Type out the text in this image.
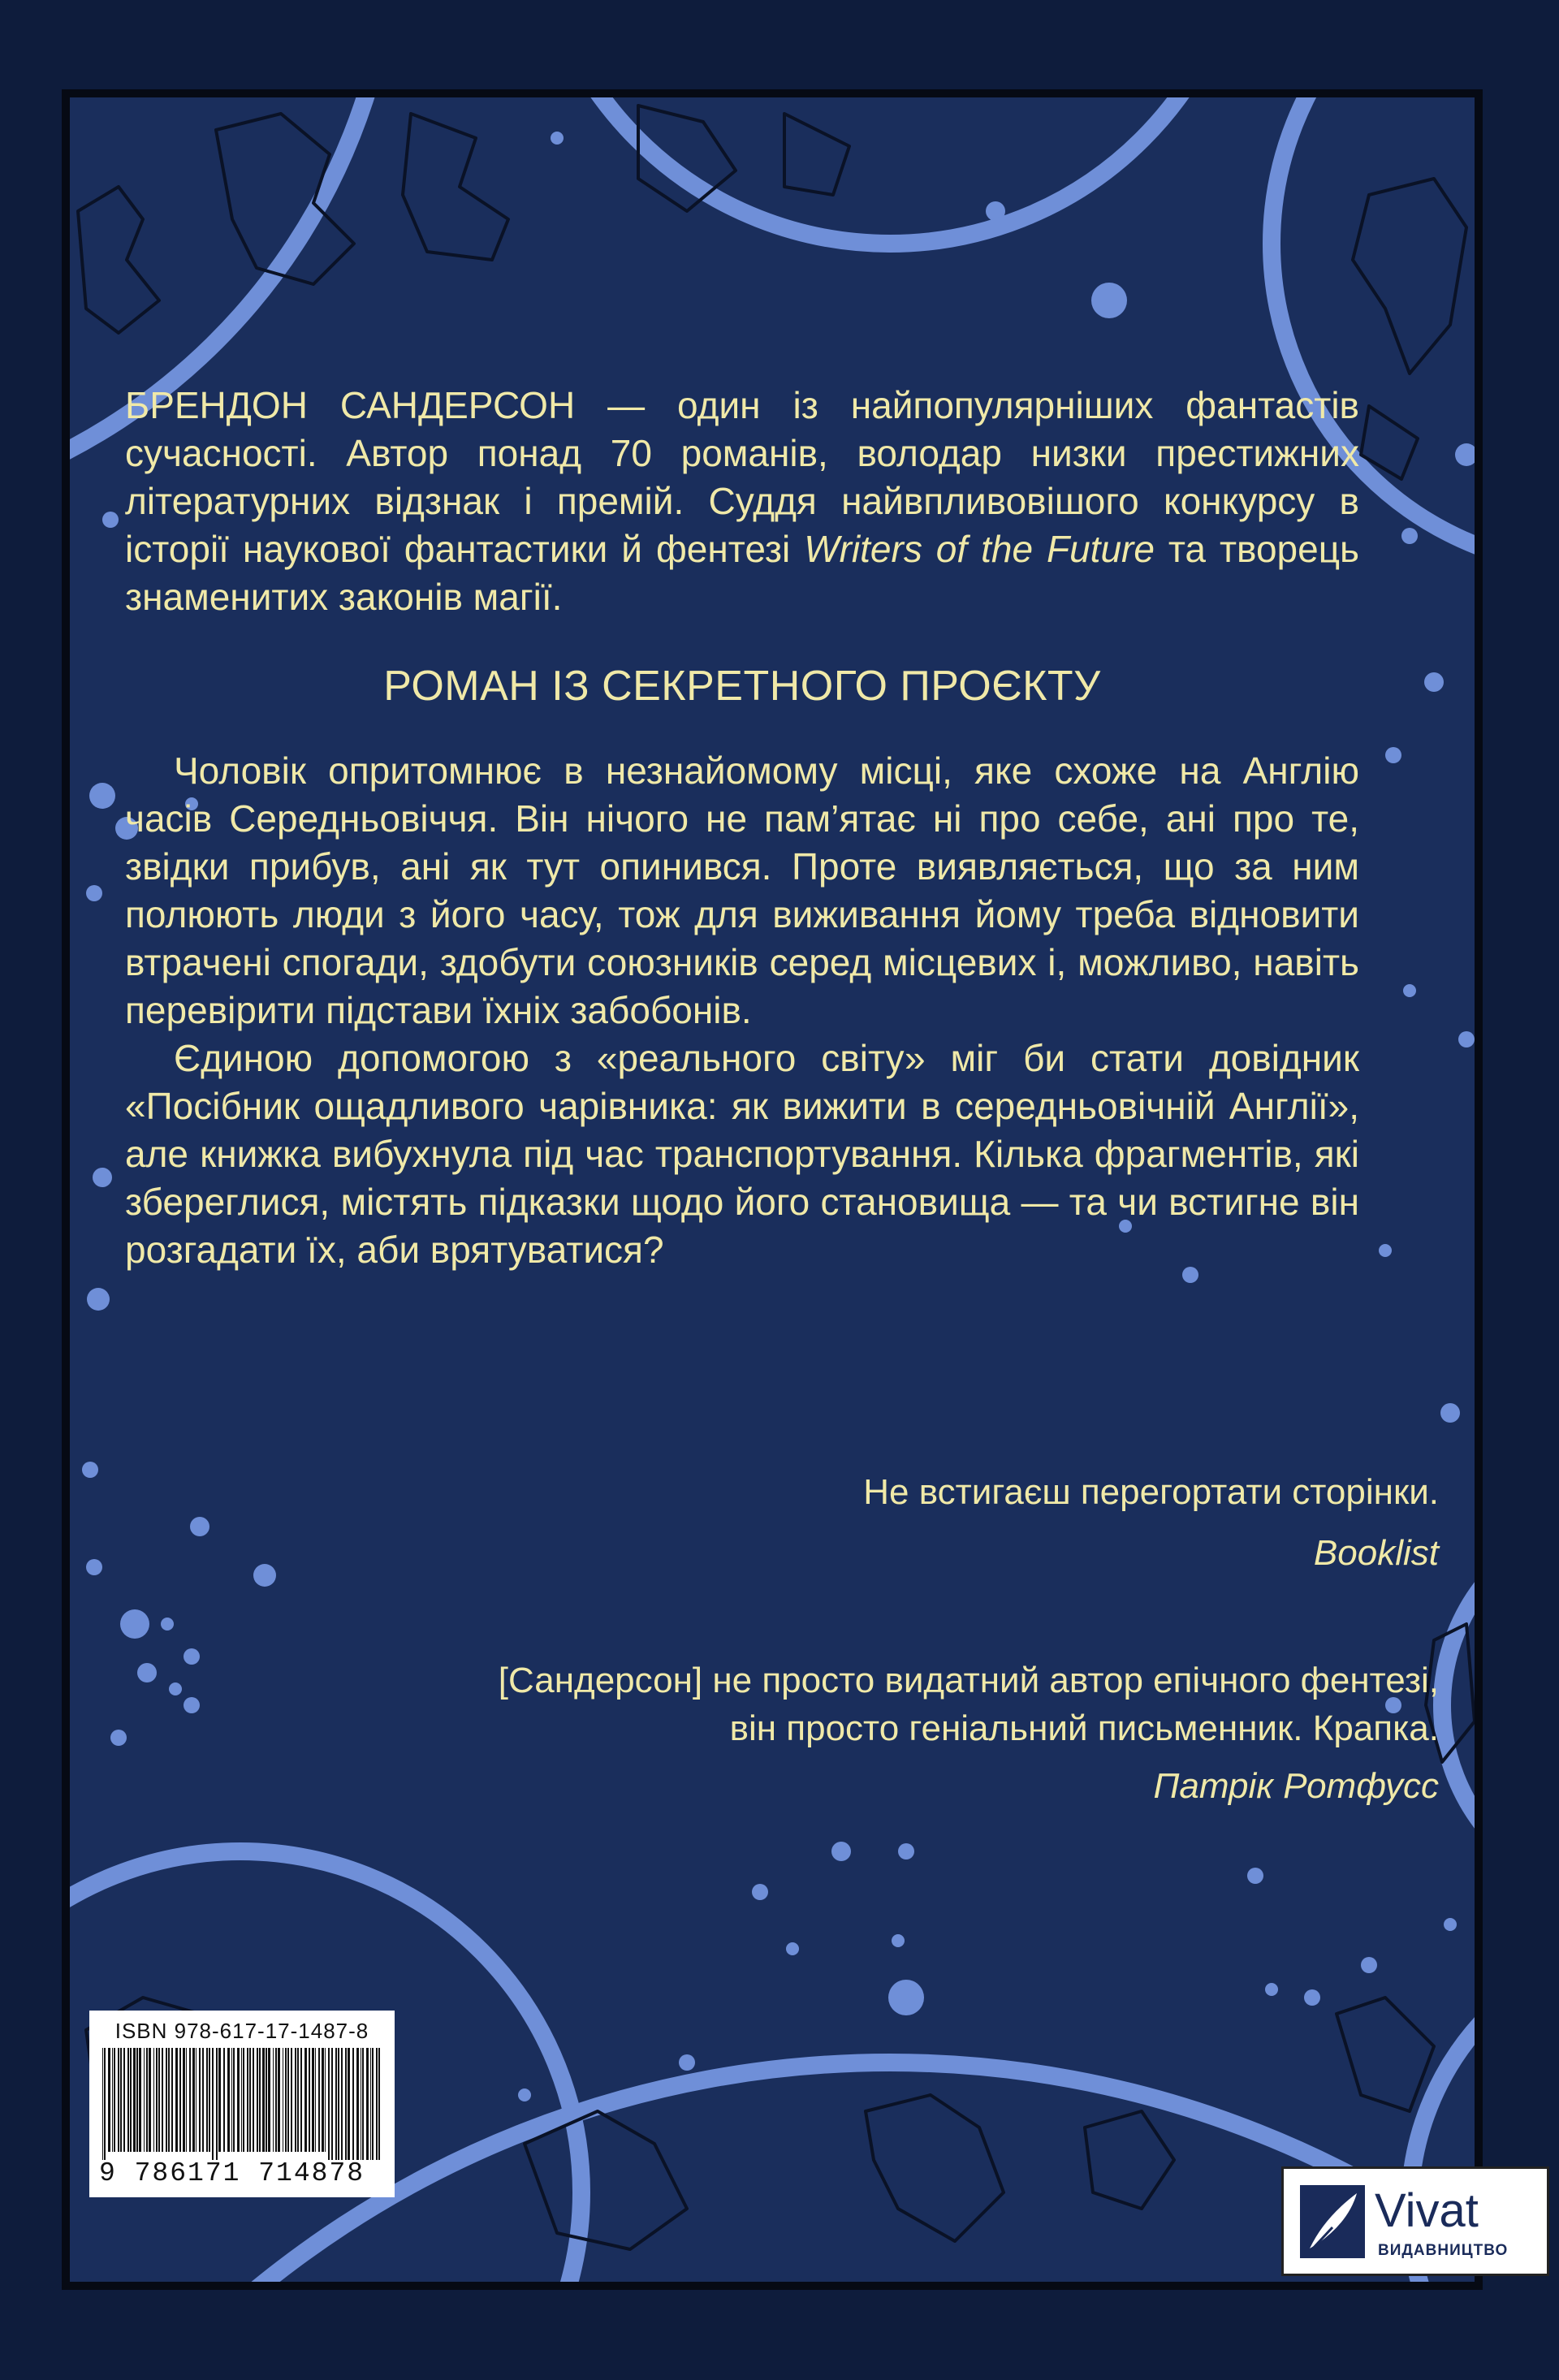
БРЕНДОН САНДЕРСОН — один із найпопулярніших фантастів сучасності. Автор понад 70 романів, володар низки престижних літературних відзнак і премій. Суддя найвпливовішого конкурсу в історії наукової фантастики й фентезі Writers of the Future та творець знаменитих законів магії.
РОМАН ІЗ СЕКРЕТНОГО ПРОЄКТУ

Чоловік опритомнює в незнайомому місці, яке схоже на Англію часів Середньовіччя. Він нічого не пам’ятає ні про себе, ані про те, звідки прибув, ані як тут опинився. Проте виявляється, що за ним полюють люди з його часу, тож для виживання йому треба відновити втрачені спогади, здобути союзників серед місцевих і, можливо, навіть перевірити підстави їхніх забобонів.

Єдиною допомогою з «реального світу» міг би стати довідник «Посібник ощадливого чарівника: як вижити в середньовічній Англії», але книжка вибухнула під час транспортування. Кілька фрагментів, які збереглися, містять підказки щодо його становища — та чи встигне він розгадати їх, аби врятуватися?

Не встигаєш перегортати сторінки.
Booklist
[Сандерсон] не просто видатний автор епічного фентезі,
він просто геніальний письменник. Крапка.
Патрік Ротфусс
ISBN 978-617-17-1487-8
9 786171 714878
Vivat
ВИДАВНИЦТВО
